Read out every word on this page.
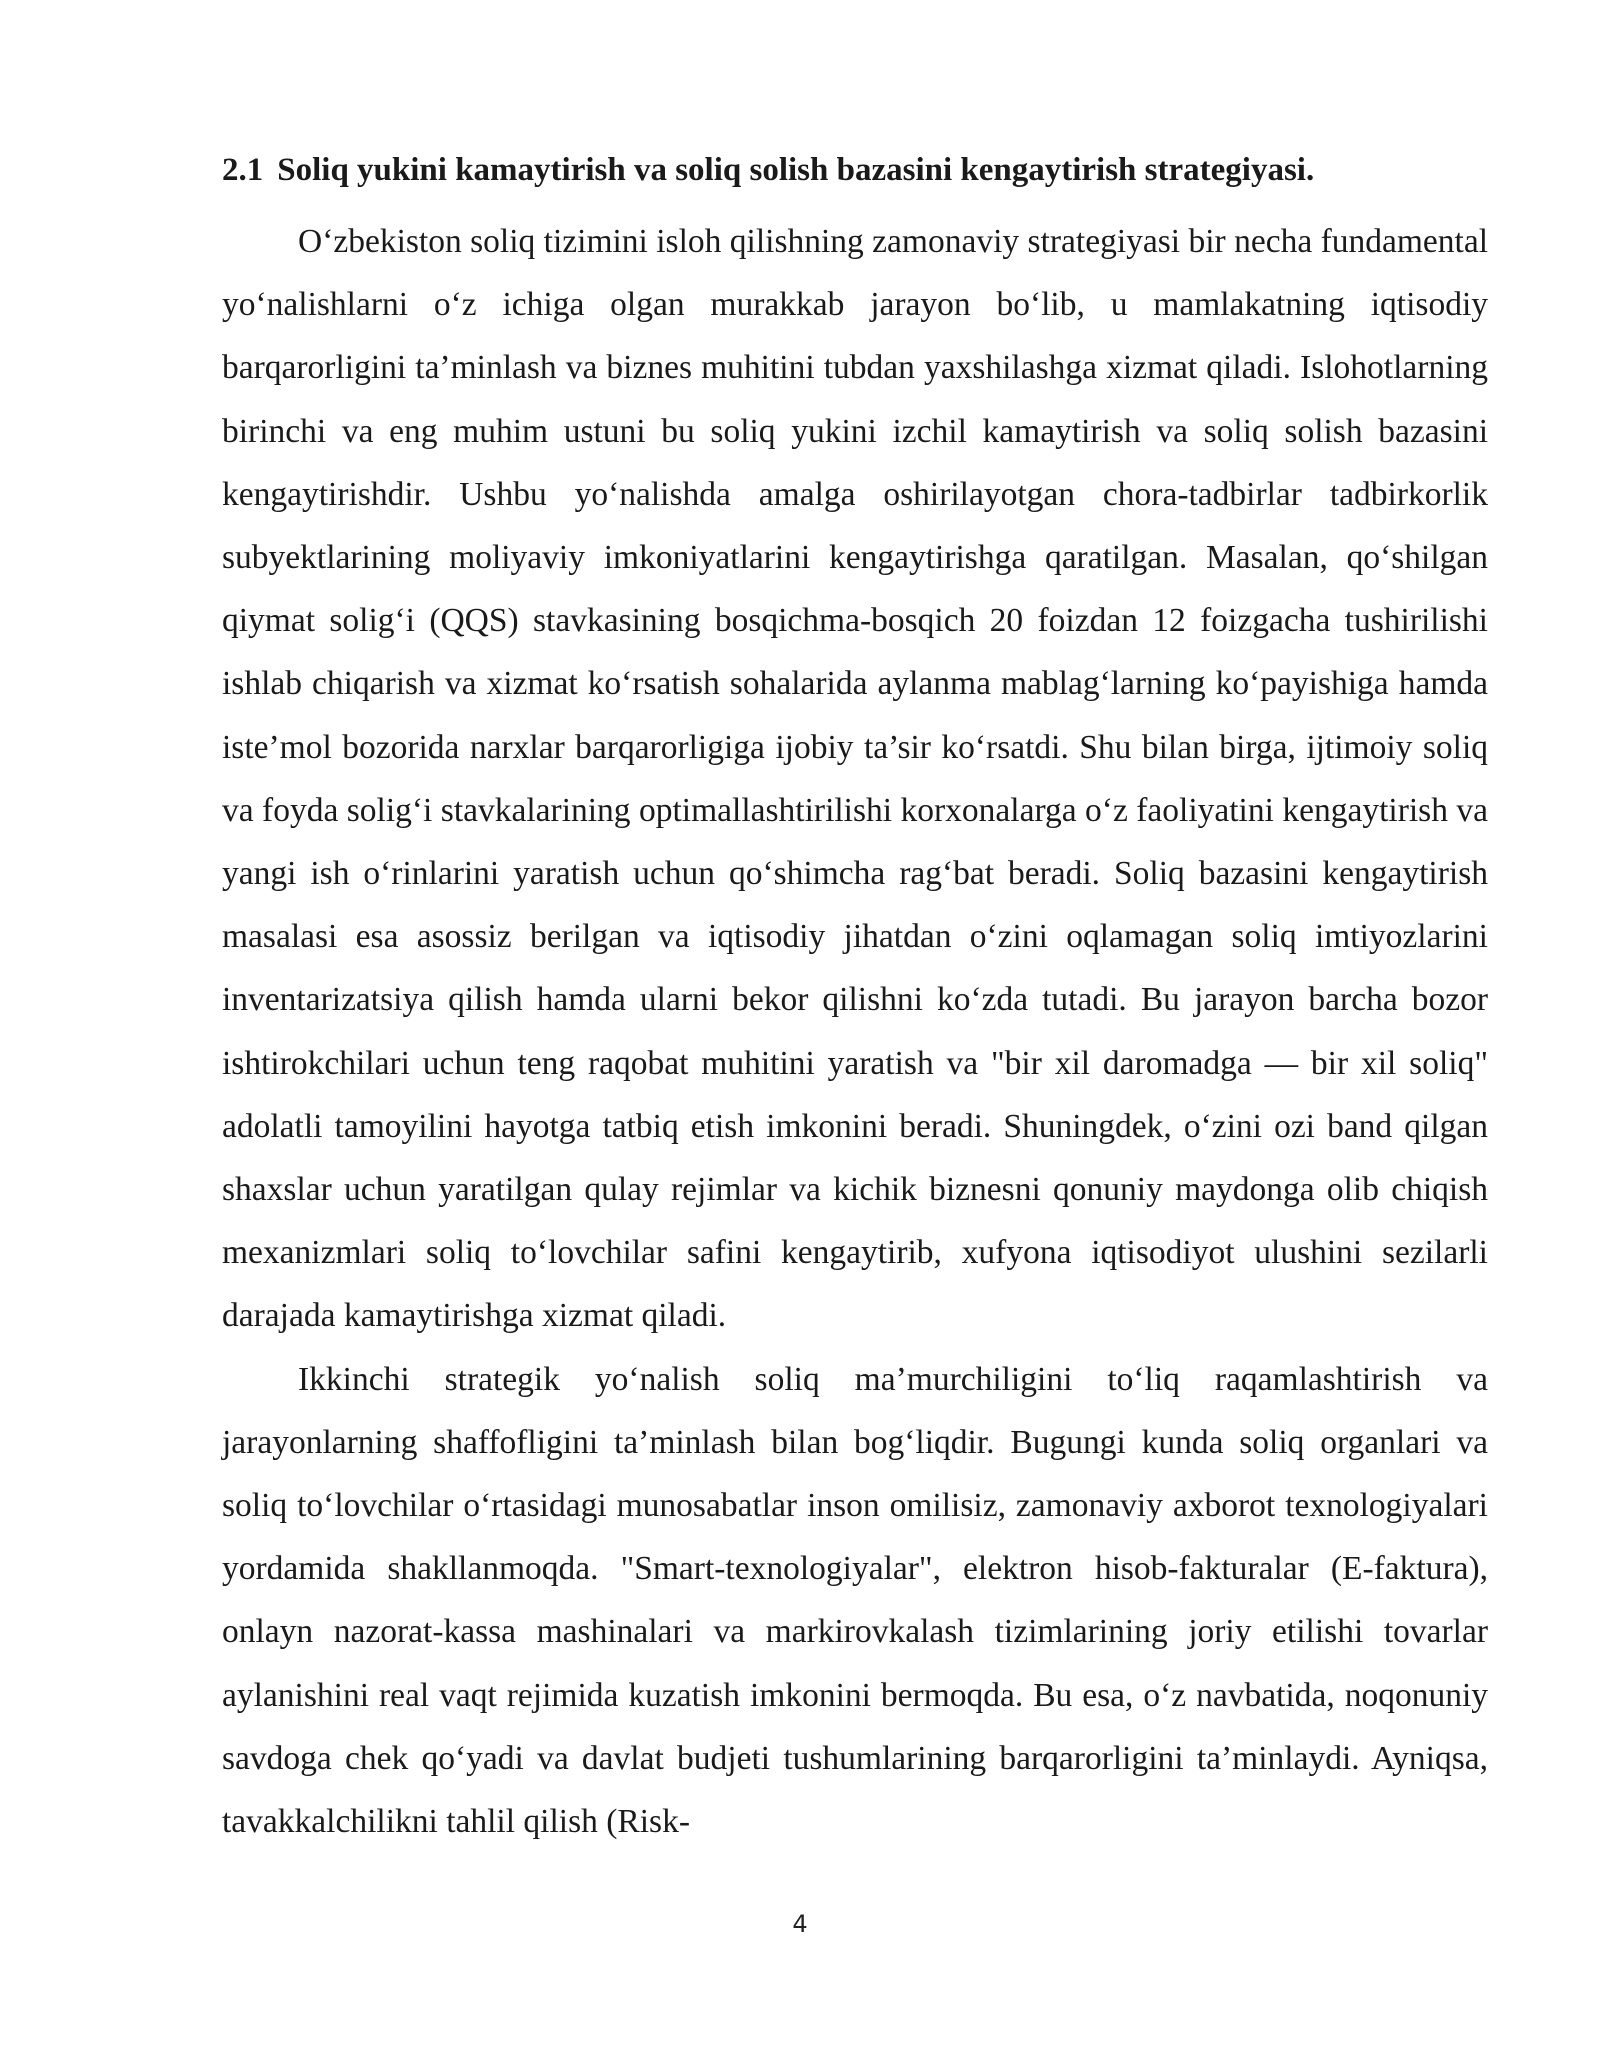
2.1 Soliq yukini kamaytirish va soliq solish bazasini kengaytirish strategiyasi.

O‘zbekiston soliq tizimini isloh qilishning zamonaviy strategiyasi bir necha fundamental yo‘nalishlarni o‘z ichiga olgan murakkab jarayon bo‘lib, u mamlakatning iqtisodiy barqarorligini ta’minlash va biznes muhitini tubdan yaxshilashga xizmat qiladi. Islohotlarning birinchi va eng muhim ustuni bu soliq yukini izchil kamaytirish va soliq solish bazasini kengaytirishdir. Ushbu yo‘nalishda amalga oshirilayotgan chora-tadbirlar tadbirkorlik subyektlarining moliyaviy imkoniyatlarini kengaytirishga qaratilgan. Masalan, qo‘shilgan qiymat solig‘i (QQS) stavkasining bosqichma-bosqich 20 foizdan 12 foizgacha tushirilishi ishlab chiqarish va xizmat ko‘rsatish sohalarida aylanma mablag‘larning ko‘payishiga hamda iste’mol bozorida narxlar barqarorligiga ijobiy ta’sir ko‘rsatdi. Shu bilan birga, ijtimoiy soliq va foyda solig‘i stavkalarining optimallashtirilishi korxonalarga o‘z faoliyatini kengaytirish va yangi ish o‘rinlarini yaratish uchun qo‘shimcha rag‘bat beradi. Soliq bazasini kengaytirish masalasi esa asossiz berilgan va iqtisodiy jihatdan o‘zini oqlamagan soliq imtiyozlarini inventarizatsiya qilish hamda ularni bekor qilishni ko‘zda tutadi. Bu jarayon barcha bozor ishtirokchilari uchun teng raqobat muhitini yaratish va "bir xil daromadga — bir xil soliq" adolatli tamoyilini hayotga tatbiq etish imkonini beradi. Shuningdek, o‘zini ozi band qilgan shaxslar uchun yaratilgan qulay rejimlar va kichik biznesni qonuniy maydonga olib chiqish mexanizmlari soliq to‘lovchilar safini kengaytirib, xufyona iqtisodiyot ulushini sezilarli darajada kamaytirishga xizmat qiladi.

Ikkinchi strategik yo‘nalish soliq ma’murchiligini to‘liq raqamlashtirish va jarayonlarning shaffofligini ta’minlash bilan bog‘liqdir. Bugungi kunda soliq organlari va soliq to‘lovchilar o‘rtasidagi munosabatlar inson omilisiz, zamonaviy axborot texnologiyalari yordamida shakllanmoqda. "Smart-texnologiyalar", elektron hisob-fakturalar (E-faktura), onlayn nazorat-kassa mashinalari va markirovkalash tizimlarining joriy etilishi tovarlar aylanishini real vaqt rejimida kuzatish imkonini bermoqda. Bu esa, o‘z navbatida, noqonuniy savdoga chek qo‘yadi va davlat budjeti tushumlarining barqarorligini ta’minlaydi. Ayniqsa, tavakkalchilikni tahlil qilish (Risk-

4
